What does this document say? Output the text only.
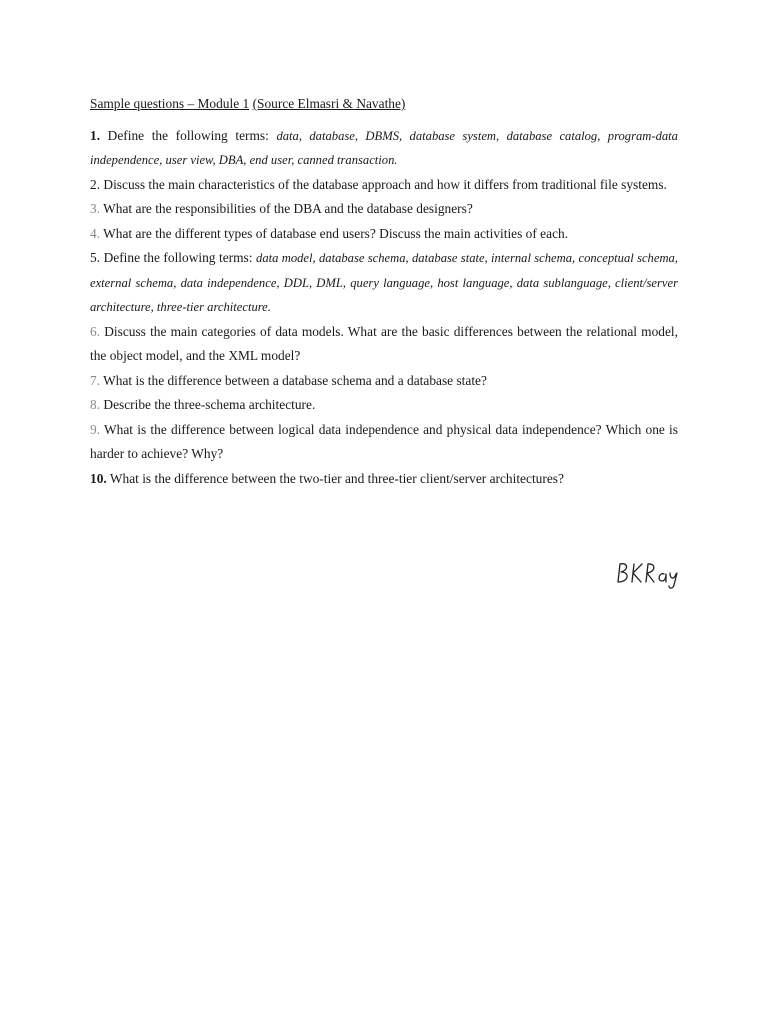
Sample questions – Module 1 (Source Elmasri & Navathe)

1. Define the following terms: data, database, DBMS, database system, database catalog, program-data independence, user view, DBA, end user, canned transaction.

2. Discuss the main characteristics of the database approach and how it differs from traditional file systems.

3. What are the responsibilities of the DBA and the database designers?

4. What are the different types of database end users? Discuss the main activities of each.

5. Define the following terms: data model, database schema, database state, internal schema, conceptual schema, external schema, data independence, DDL, DML, query language, host language, data sublanguage, client/server architecture, three-tier architecture.

6. Discuss the main categories of data models. What are the basic differences between the relational model, the object model, and the XML model?

7. What is the difference between a database schema and a database state?

8. Describe the three-schema architecture.

9. What is the difference between logical data independence and physical data independence? Which one is harder to achieve? Why?

10. What is the difference between the two-tier and three-tier client/server architectures?
